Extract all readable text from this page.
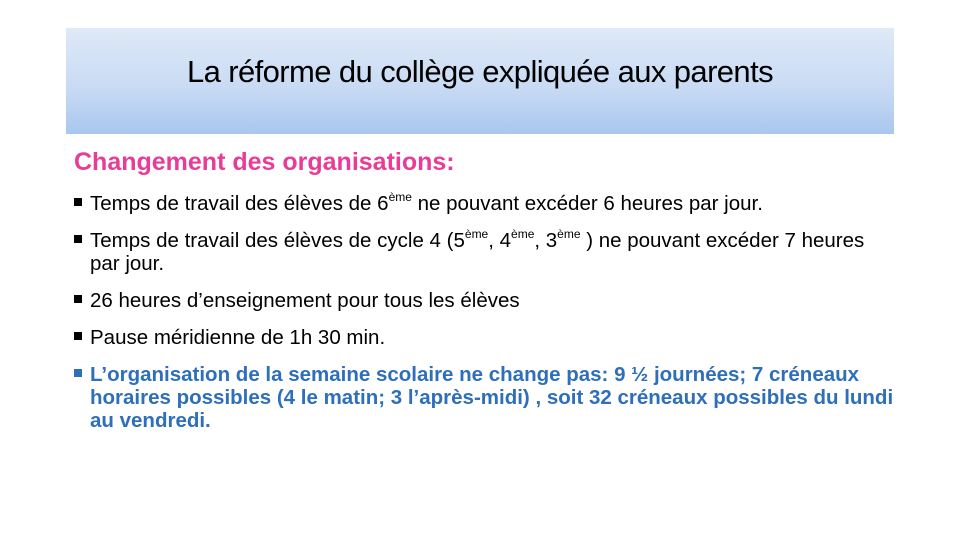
La réforme du collège expliquée aux parents
Changement des organisations:
Temps de travail des élèves de 6ème ne pouvant excéder 6 heures par jour.
Temps de travail des élèves de cycle 4 (5ème, 4ème, 3ème ) ne pouvant excéder 7 heures par jour.
26 heures d’enseignement pour tous les élèves
Pause méridienne de 1h 30 min.
L’organisation de la semaine scolaire ne change pas: 9 ½ journées; 7 créneaux horaires possibles (4 le matin; 3 l’après-midi) , soit 32 créneaux possibles du lundi au vendredi.
